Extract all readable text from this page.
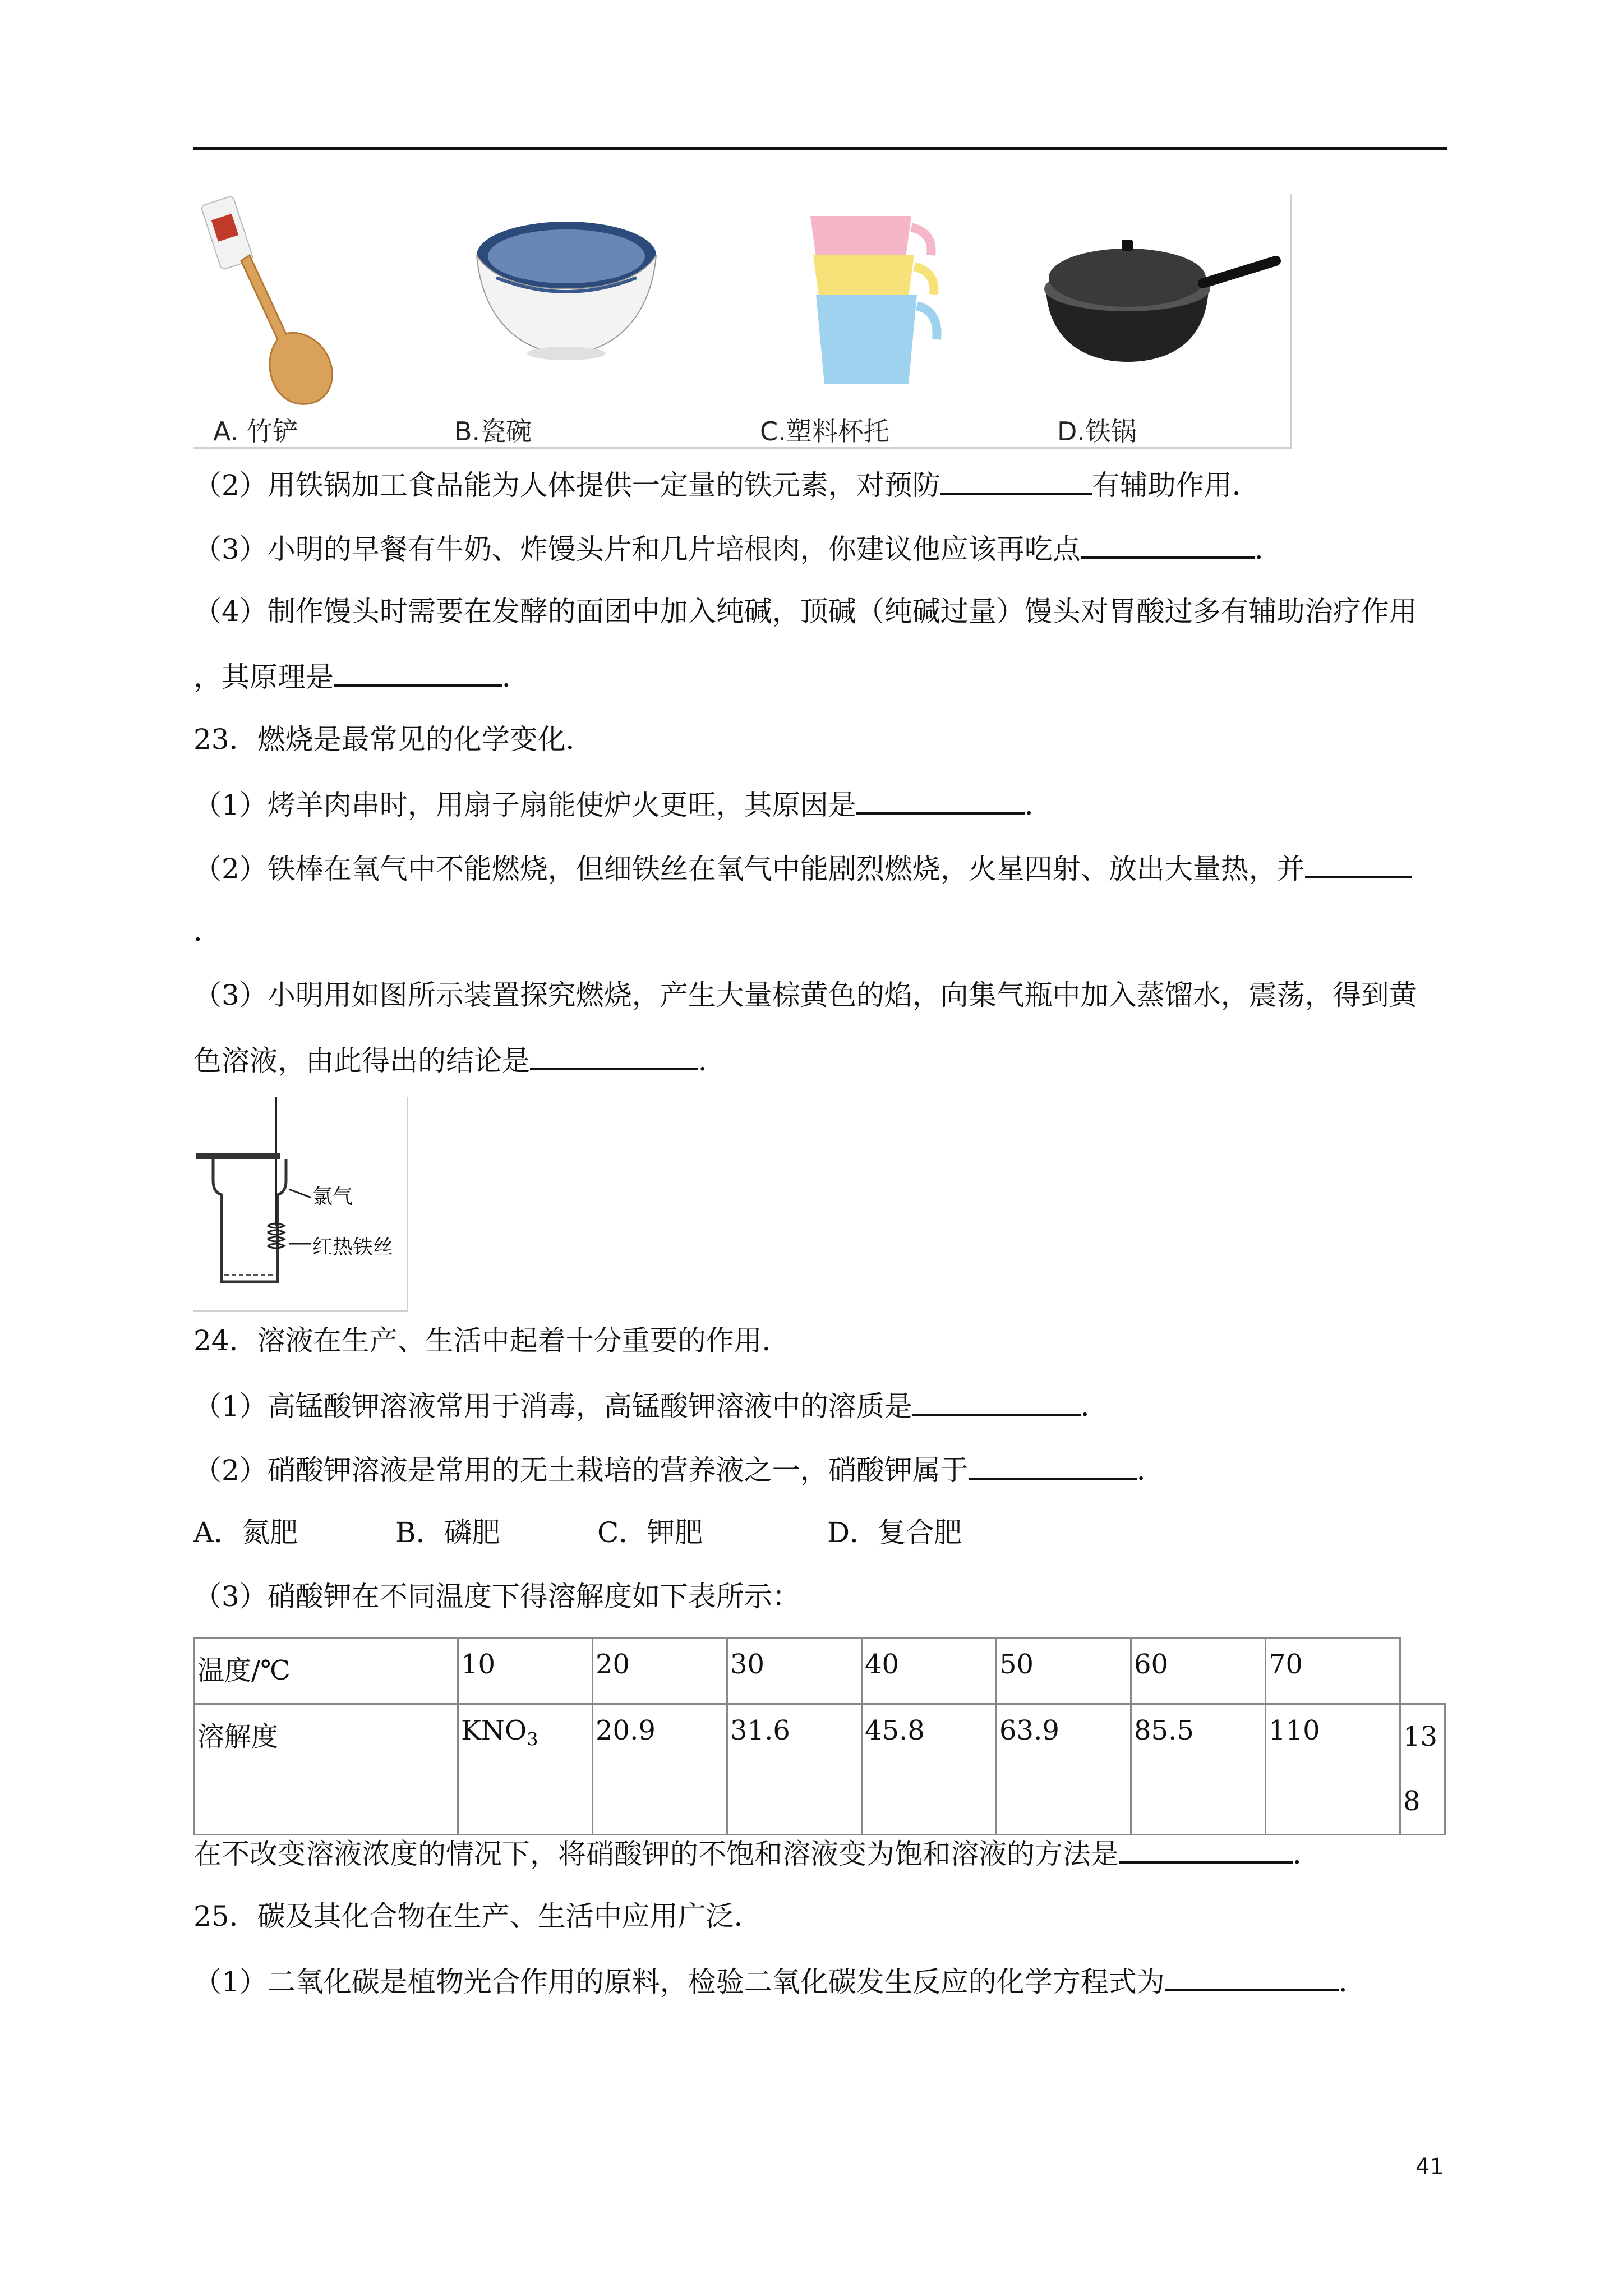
A. 竹铲	B.瓷碗	C.塑料杯托	D.铁锅
（2）用铁锅加工食品能为人体提供一定量的铁元素，对预防	有辅助作用．
（3）小明的早餐有牛奶、炸馒头片和几片培根肉，你建议他应该再吃点	．
（4）制作馒头时需要在发酵的面团中加入纯碱，顶碱（纯碱过量）馒头对胃酸过多有辅助治疗作用
，其原理是	．
23．燃烧是最常见的化学变化．
（1）烤羊肉串时，用扇子扇能使炉火更旺，其原因是	．
（2）铁棒在氧气中不能燃烧，但细铁丝在氧气中能剧烈燃烧，火星四射、放出大量热，并
．
（3）小明用如图所示装置探究燃烧，产生大量棕黄色的焰，向集气瓶中加入蒸馏水，震荡，得到黄
色溶液，由此得出的结论是	．
氯气
红热铁丝
24．溶液在生产、生活中起着十分重要的作用．
（1）高锰酸钾溶液常用于消毒，高锰酸钾溶液中的溶质是	．
（2）硝酸钾溶液是常用的无土栽培的营养液之一，硝酸钾属于	．
A．氮肥	B．磷肥	C．钾肥	D．复合肥
（3）硝酸钾在不同温度下得溶解度如下表所示：
温度/℃	10	20	30	40	50	60	70	
溶解度	$KNO_3$	20.9	31.6	45.8	63.9	85.5	110	13
8
在不改变溶液浓度的情况下，将硝酸钾的不饱和溶液变为饱和溶液的方法是	．
25．碳及其化合物在生产、生活中应用广泛．
（1）二氧化碳是植物光合作用的原料，检验二氧化碳发生反应的化学方程式为	．
41
